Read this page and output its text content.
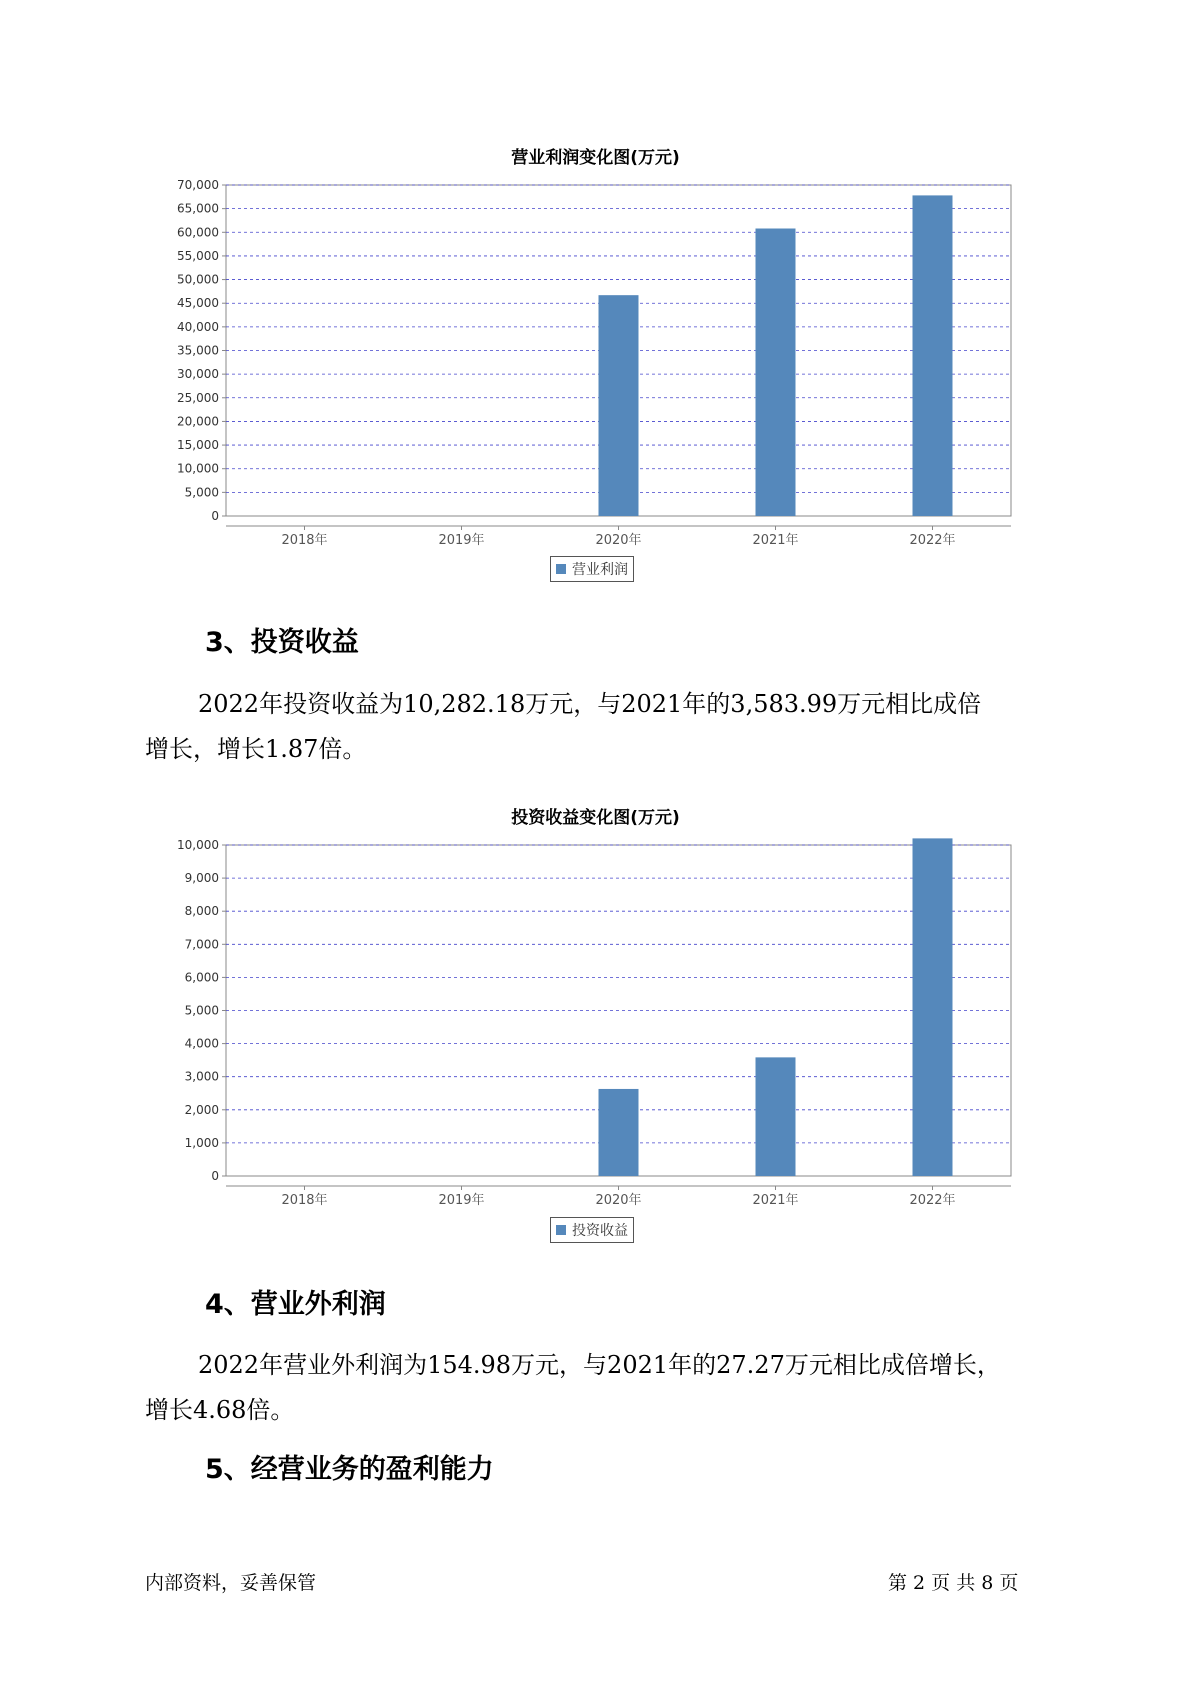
营业利润变化图(万元)
0
5,000
10,000
15,000
20,000
25,000
30,000
35,000
40,000
45,000
50,000
55,000
60,000
65,000
70,000
2018年	2019年	2020年	2021年	2022年
营业利润
3、投资收益

2022年投资收益为10,282.18万元，与2021年的3,583.99万元相比成倍

增长，增长1.87倍。

投资收益变化图(万元)
0
1,000
2,000
3,000
4,000
5,000
6,000
7,000
8,000
9,000
10,000
2018年	2019年	2020年	2021年	2022年
投资收益
4、营业外利润

2022年营业外利润为154.98万元，与2021年的27.27万元相比成倍增长，

增长4.68倍。

5、经营业务的盈利能力
内部资料，妥善保管	第 2 页 共 8 页
